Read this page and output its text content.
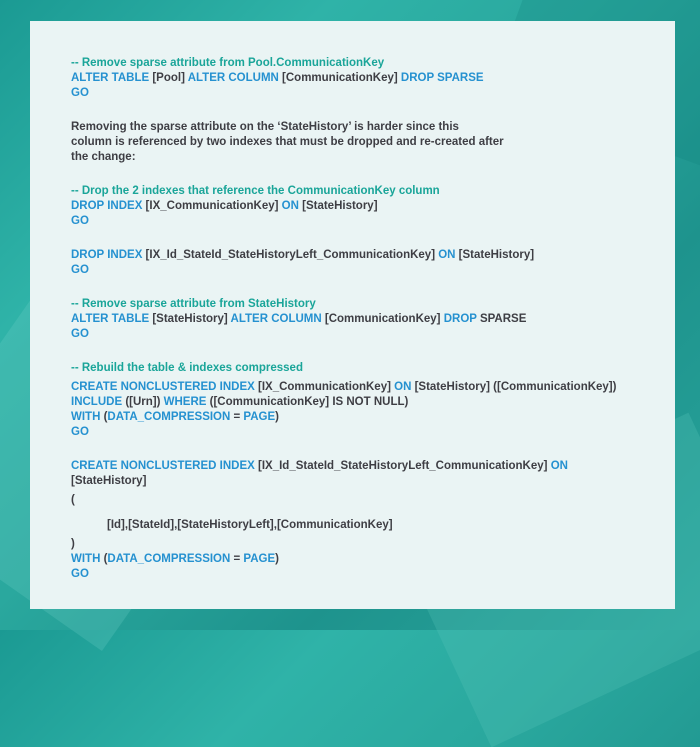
-- Remove sparse attribute from Pool.CommunicationKey
ALTER TABLE [Pool] ALTER COLUMN [CommunicationKey] DROP SPARSE
GO
Removing the sparse attribute on the ‘StateHistory’ is harder since this
column is referenced by two indexes that must be dropped and re-created after
the change:
-- Drop the 2 indexes that reference the CommunicationKey column
DROP INDEX [IX_CommunicationKey] ON [StateHistory]
GO
DROP INDEX [IX_Id_StateId_StateHistoryLeft_CommunicationKey] ON [StateHistory]
GO
-- Remove sparse attribute from StateHistory
ALTER TABLE [StateHistory] ALTER COLUMN [CommunicationKey] DROP SPARSE
GO
-- Rebuild the table & indexes compressed
CREATE NONCLUSTERED INDEX [IX_CommunicationKey] ON [StateHistory] ([CommunicationKey])
INCLUDE ([Urn]) WHERE ([CommunicationKey] IS NOT NULL)
WITH (DATA_COMPRESSION = PAGE)
GO
CREATE NONCLUSTERED INDEX [IX_Id_StateId_StateHistoryLeft_CommunicationKey] ON
[StateHistory]
(
[Id],[StateId],[StateHistoryLeft],[CommunicationKey]
)
WITH (DATA_COMPRESSION = PAGE)
GO
